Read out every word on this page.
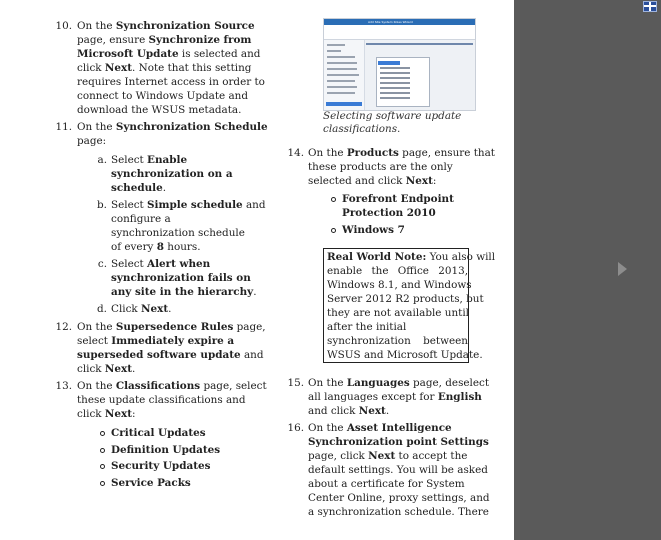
10. On the Synchronization Source

page, ensure Synchronize from

Microsoft Update is selected and

click Next. Note that this setting

requires Internet access in order to

connect to Windows Update and

download the WSUS metadata.

11. On the Synchronization Schedule

page:

a. Select Enable

synchronization on a

schedule.

b. Select Simple schedule and

configure a

synchronization schedule

of every 8 hours.

c. Select Alert when

synchronization fails on

any site in the hierarchy.

d. Click Next.

12. On the Supersedence Rules page,

select Immediately expire a

superseded software update and

click Next.

13. On the Classifications page, select

these update classifications and

click Next:

Critical Updates

Definition Updates

Security Updates

Service Packs

Add Site System Roles Wizard
Selecting software update
classifications.
14. On the Products page, ensure that

these products are the only

selected and click Next:

Forefront Endpoint

Protection 2010

Windows 7

Real World Note: You also will

enable the Office 2013,

Windows 8.1, and Windows

Server 2012 R2 products, but

they are not available until

after the initial

synchronization between

WSUS and Microsoft Update.

15. On the Languages page, deselect

all languages except for English

and click Next.

16. On the Asset Intelligence

Synchronization point Settings

page, click Next to accept the

default settings. You will be asked

about a certificate for System

Center Online, proxy settings, and

a synchronization schedule. There
